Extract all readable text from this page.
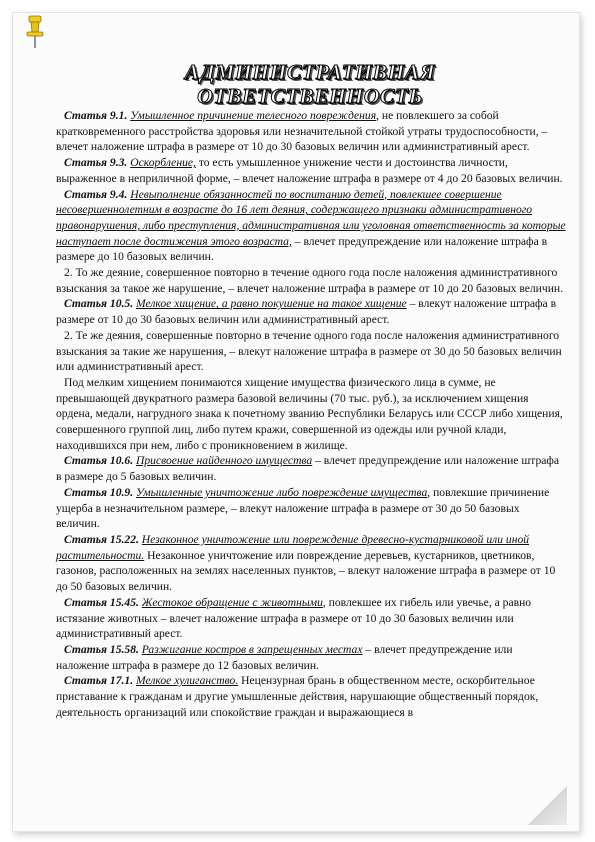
АДМИНИСТРАТИВНАЯ
ОТВЕТСТВЕННОСТЬ

Статья 9.1. Умышленное причинение телесного повреждения, не повлекшего за собой кратковременного расстройства здоровья или незначительной стойкой утраты трудоспособности, – влечет наложение штрафа в размере от 10 до 30 базовых величин или административный арест.

Статья 9.3. Оскорбление, то есть умышленное унижение чести и достоинства личности, выраженное в неприличной форме, – влечет наложение штрафа в размере от 4 до 20 базовых величин.

Статья 9.4. Невыполнение обязанностей по воспитанию детей, повлекшее совершение несовершеннолетним в возрасте до 16 лет деяния, содержащего признаки административного правонарушения, либо преступления, административная или уголовная ответственность за которые наступает после достижения этого возраста, – влечет предупреждение или наложение штрафа в размере до 10 базовых величин.

2. То же деяние, совершенное повторно в течение одного года после наложения административного взыскания за такое же нарушение, – влечет наложение штрафа в размере от 10 до 20 базовых величин.

Статья 10.5. Мелкое хищение, а равно покушение на такое хищение – влекут наложение штрафа в размере от 10 до 30 базовых величин или административный арест.

2. Те же деяния, совершенные повторно в течение одного года после наложения административного взыскания за такие же нарушения, – влекут наложение штрафа в размере от 30 до 50 базовых величин или административный арест.

Под мелким хищением понимаются хищение имущества физического лица в сумме, не превышающей двукратного размера базовой величины (70 тыс. руб.), за исключением хищения ордена, медали, нагрудного знака к почетному званию Республики Беларусь или СССР либо хищения, совершенного группой лиц, либо путем кражи, совершенной из одежды или ручной клади, находившихся при нем, либо с проникновением в жилище.

Статья 10.6. Присвоение найденного имущества – влечет предупреждение или наложение штрафа в размере до 5 базовых величин.

Статья 10.9. Умышленные уничтожение либо повреждение имущества, повлекшие причинение ущерба в незначительном размере, – влекут наложение штрафа в размере от 30 до 50 базовых величин.

Статья 15.22. Незаконное уничтожение или повреждение древесно-кустарниковой или иной растительности. Незаконное уничтожение или повреждение деревьев, кустарников, цветников, газонов, расположенных на землях населенных пунктов, – влекут наложение штрафа в размере от 10 до 50 базовых величин.

Статья 15.45. Жестокое обращение с животными, повлекшее их гибель или увечье, а равно истязание животных – влечет наложение штрафа в размере от 10 до 30 базовых величин или административный арест.

Статья 15.58. Разжигание костров в запрещенных местах – влечет предупреждение или наложение штрафа в размере до 12 базовых величин.

Статья 17.1. Мелкое хулиганство. Нецензурная брань в общественном месте, оскорбительное приставание к гражданам и другие умышленные действия, нарушающие общественный порядок, деятельность организаций или спокойствие граждан и выражающиеся в
